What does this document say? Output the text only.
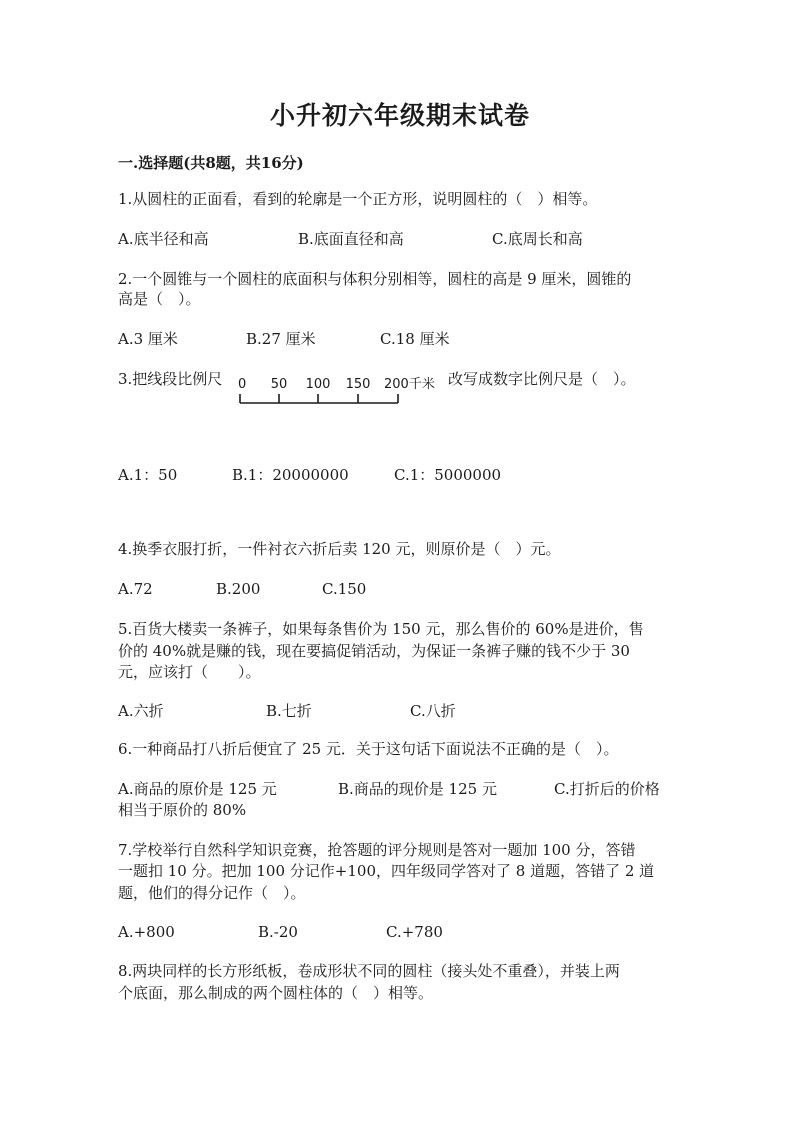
小升初六年级期末试卷
一.选择题(共8题，共16分)
1.从圆柱的正面看，看到的轮廓是一个正方形，说明圆柱的（　）相等。
A.底半径和高	B.底面直径和高	C.底周长和高
2.一个圆锥与一个圆柱的底面积与体积分别相等，圆柱的高是 9 厘米，圆锥的
高是（　）。
A.3 厘米	B.27 厘米	C.18 厘米
3.把线段比例尺 0 50 100 150 200千米 改写成数字比例尺是（　）。
A.1：50	B.1：20000000	C.1：5000000
4.换季衣服打折，一件衬衣六折后卖 120 元，则原价是（　）元。
A.72	B.200	C.150
5.百货大楼卖一条裤子，如果每条售价为 150 元，那么售价的 60%是进价，售
价的 40%就是赚的钱，现在要搞促销活动，为保证一条裤子赚的钱不少于 30
元，应该打（　　）。
A.六折	B.七折	C.八折
6.一种商品打八折后便宜了 25 元．关于这句话下面说法不正确的是（　）。
A.商品的原价是 125 元	B.商品的现价是 125 元	C.打折后的价格
相当于原价的 80%
7.学校举行自然科学知识竞赛，抢答题的评分规则是答对一题加 100 分，答错
一题扣 10 分。把加 100 分记作+100，四年级同学答对了 8 道题，答错了 2 道
题，他们的得分记作（　）。
A.+800	B.-20	C.+780
8.两块同样的长方形纸板，卷成形状不同的圆柱（接头处不重叠），并装上两
个底面，那么制成的两个圆柱体的（　）相等。
